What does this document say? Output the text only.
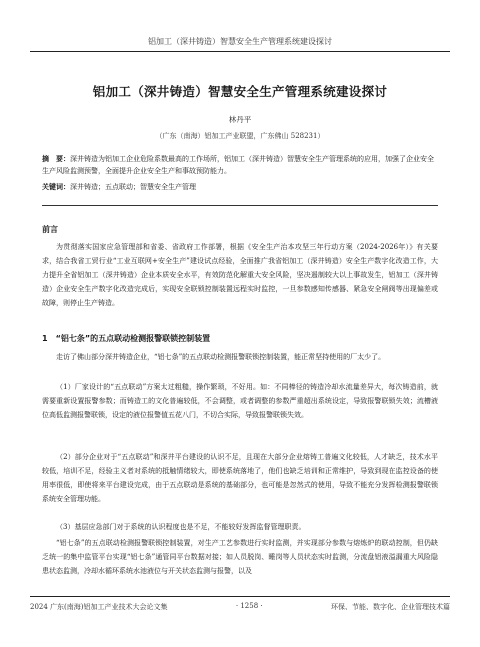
铝加工（深井铸造）智慧安全生产管理系统建设探讨
铝加工（深井铸造）智慧安全生产管理系统建设探讨
林丹平
（广东（南海）铝加工产业联盟，广东佛山 528231）
摘　要：深井铸造为铝加工企业危险系数最高的工作场所，铝加工（深井铸造）智慧安全生产管理系统的应用，加强了企业安全生产风险监测预警，全面提升企业安全生产和事故预防能力。
关键词：深井铸造；五点联动；智慧安全生产管理
前言
为贯彻落实国家应急管理部和省委、省政府工作部署，根据《安全生产治本攻坚三年行动方案（2024-2026年）》有关要求，结合我省工贸行业“工业互联网+安全生产”建设试点经验，全面推广我省铝加工（深井铸造）安全生产数字化改造工作，大力提升全省铝加工（深井铸造）企业本质安全水平，有效防范化解重大安全风险，坚决遏制较大以上事故发生，铝加工（深井铸造）企业安全生产数字化改造完成后，实现安全联锁控制装置远程实时监控，一旦参数感知传感器、紧急安全闸阀等出现偏差或故障，则停止生产铸造。
1　“铝七条”的五点联动检测报警联锁控制装置
走访了佛山部分深井铸造企业，“铝七条”的五点联动检测报警联锁控制装置，能正常坚持使用的厂太少了。
（1）厂家设计的“五点联动”方案太过粗糙，操作繁琐，不好用。如：不同棒径的铸造冷却水流量差异大，每次铸造前，就需要重新设置报警参数；而铸造工的文化普遍较低，不会调整，或者调整的参数严重超出系统设定，导致报警联锁失效；流槽液位高低监测报警联锁，设定的液位报警值五花八门，不切合实际，导致报警联锁失效。
（2）部分企业对于“五点联动”和深井平台建设的认识不足，且现在大部分企业熔铸工普遍文化较低，人才缺乏，技术水平较低，培训不足，经验主义者对系统的抵触情绪较大，即使系统落地了，他们也缺乏培训和正常维护，导致到现在监控设备的使用率很低，即使将来平台建设完成，由于五点联动是系统的基础部分，也可能是忽然式的使用，导致不能充分发挥检测报警联锁系统安全管理功能。
（3）基层应急部门对于系统的认识程度也是不足，不能较好发挥监督管理职责。
“铝七条”的五点联动检测报警联锁控制装置，对生产工艺参数进行实时监测，并实现部分参数与熔炼炉的联动控制，但仍缺乏统一的集中监管平台实现“铝七条”通管同平台数据对接；如人员脱岗、睡岗等人员状态实时监测，分流盘铝液溢漏重大风险隐患状态监测，冷却水循环系统水池液位与开关状态监测与报警，以及
2024 广东(南海)铝加工产业技术大会论文集	· 1258 ·	环保、节能、数字化、企业管理技术篇
